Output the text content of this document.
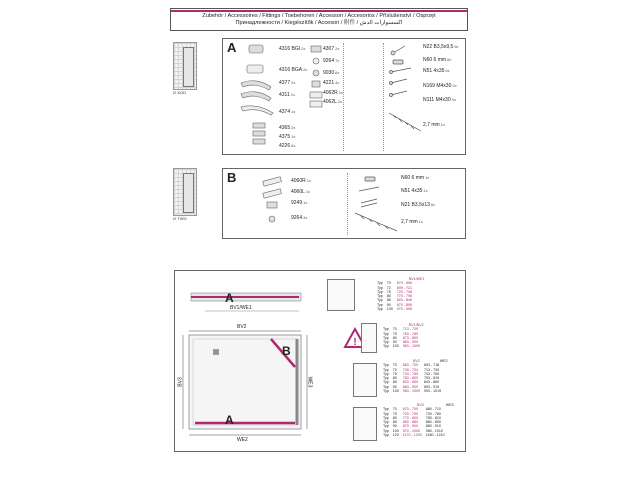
Zubehör / Accessoires / Fittings / Toebehoren / Accessori / Accesorios / Příslušenství / Osprzęt
Принадлежности / Kiegészítők / Accesori / 附件 / اكسسوارات الدش
I2 KOD
A	4316 BGI2x
4316 BGA2x
43772x
43111x
43741x
43652x
43751x
42266x
43072x
92647x
90306x
42214x
4062R2x
4062L2x
N22 B3,5x9,56x
N60 6 mm6x
N51 4x356x
N169 M4x302x
N111 M4x304x
2,7 mm1x
I2 TWO
B	4060R1x
4060L1x
92491x
92644x
N60 6 mm1x
N51 4x351x
N21 B3,5x136x
2,7 mm1x
A
B
A
BV1/WE1
BV2
BV3	WE3
WE2
!
BV1/WE1
Typ	70	670 - 696
Typ	72	699 - 721
Typ	75	720 - 746
Typ	80	770 - 796
Typ	85	820 - 846
Typ	90	870 - 896
Typ	100	970 - 996
BV1/BV2
Typ	70	713 - 739
Typ	75	763 - 789
Typ	80	873 - 899
Typ	90	883 - 909
Typ	100	983 - 1009
BV2	WE2
Typ	70	683 - 709	693 - 718
Typ	72	708 - 734	713 - 739
Typ	75	733 - 759	743 - 769
Typ	80	783 - 809	793 - 819
Typ	85	833 - 859	843 - 869
Typ	90	883 - 909	893 - 919
Typ	100	983 - 1009	993 - 1019
BV3	WE3
Typ	70	670 - 700	680 - 710
Typ	75	720 - 750	730 - 760
Typ	80	770 - 800	780 - 810
Typ	85	850 - 880	860 - 890
Typ	90	870 - 900	880 - 910
Typ	100	970 - 1000	980 - 1010
Typ	120	1170 - 1200	1180 - 1210
